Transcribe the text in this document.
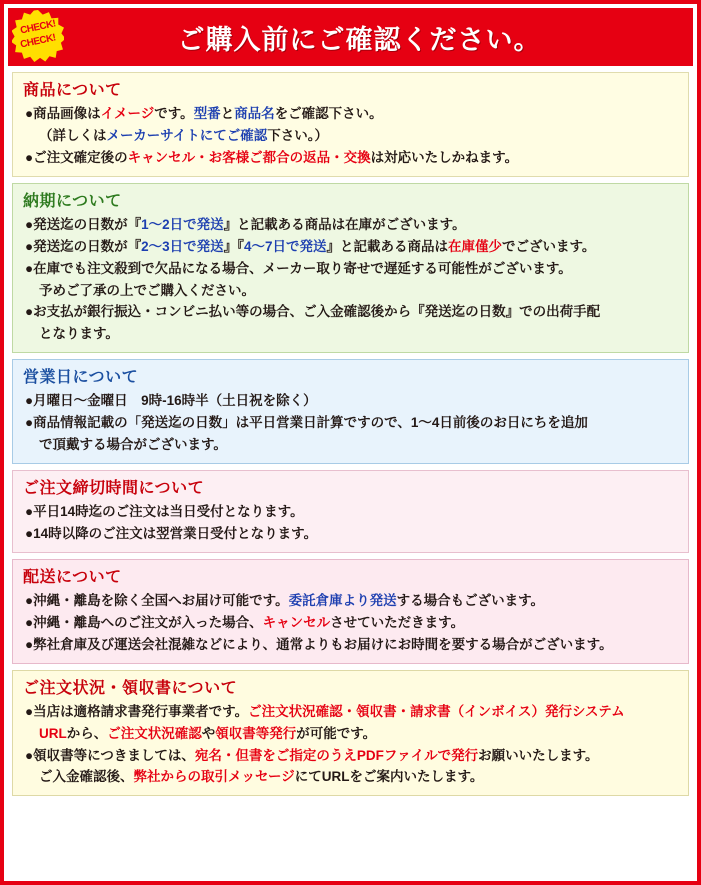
CHECK!
CHECK!	ご購入前にご確認ください。
商品について
●商品画像はイメージです。型番と商品名をご確認下さい。
（詳しくはメーカーサイトにてご確認下さい。）
●ご注文確定後のキャンセル・お客様ご都合の返品・交換は対応いたしかねます。
納期について
●発送迄の日数が『1～2日で発送』と記載ある商品は在庫がございます。
●発送迄の日数が『2～3日で発送』『4～7日で発送』と記載ある商品は在庫僅少でございます。
●在庫でも注文殺到で欠品になる場合、メーカー取り寄せで遅延する可能性がございます。
予めご了承の上でご購入ください。
●お支払が銀行振込・コンビニ払い等の場合、ご入金確認後から『発送迄の日数』での出荷手配
となります。
営業日について
●月曜日～金曜日　9時-16時半（土日祝を除く）
●商品情報記載の「発送迄の日数」は平日営業日計算ですので、1～4日前後のお日にちを追加
で頂戴する場合がございます。
ご注文締切時間について
●平日14時迄のご注文は当日受付となります。
●14時以降のご注文は翌営業日受付となります。
配送について
●沖縄・離島を除く全国へお届け可能です。委託倉庫より発送する場合もございます。
●沖縄・離島へのご注文が入った場合、キャンセルさせていただきます。
●弊社倉庫及び運送会社混雑などにより、通常よりもお届けにお時間を要する場合がございます。
ご注文状況・領収書について
●当店は適格請求書発行事業者です。ご注文状況確認・領収書・請求書（インボイス）発行システム
URLから、ご注文状況確認や領収書等発行が可能です。
●領収書等につきましては、宛名・但書をご指定のうえPDFファイルで発行お願いいたします。
ご入金確認後、弊社からの取引メッセージにてURLをご案内いたします。
